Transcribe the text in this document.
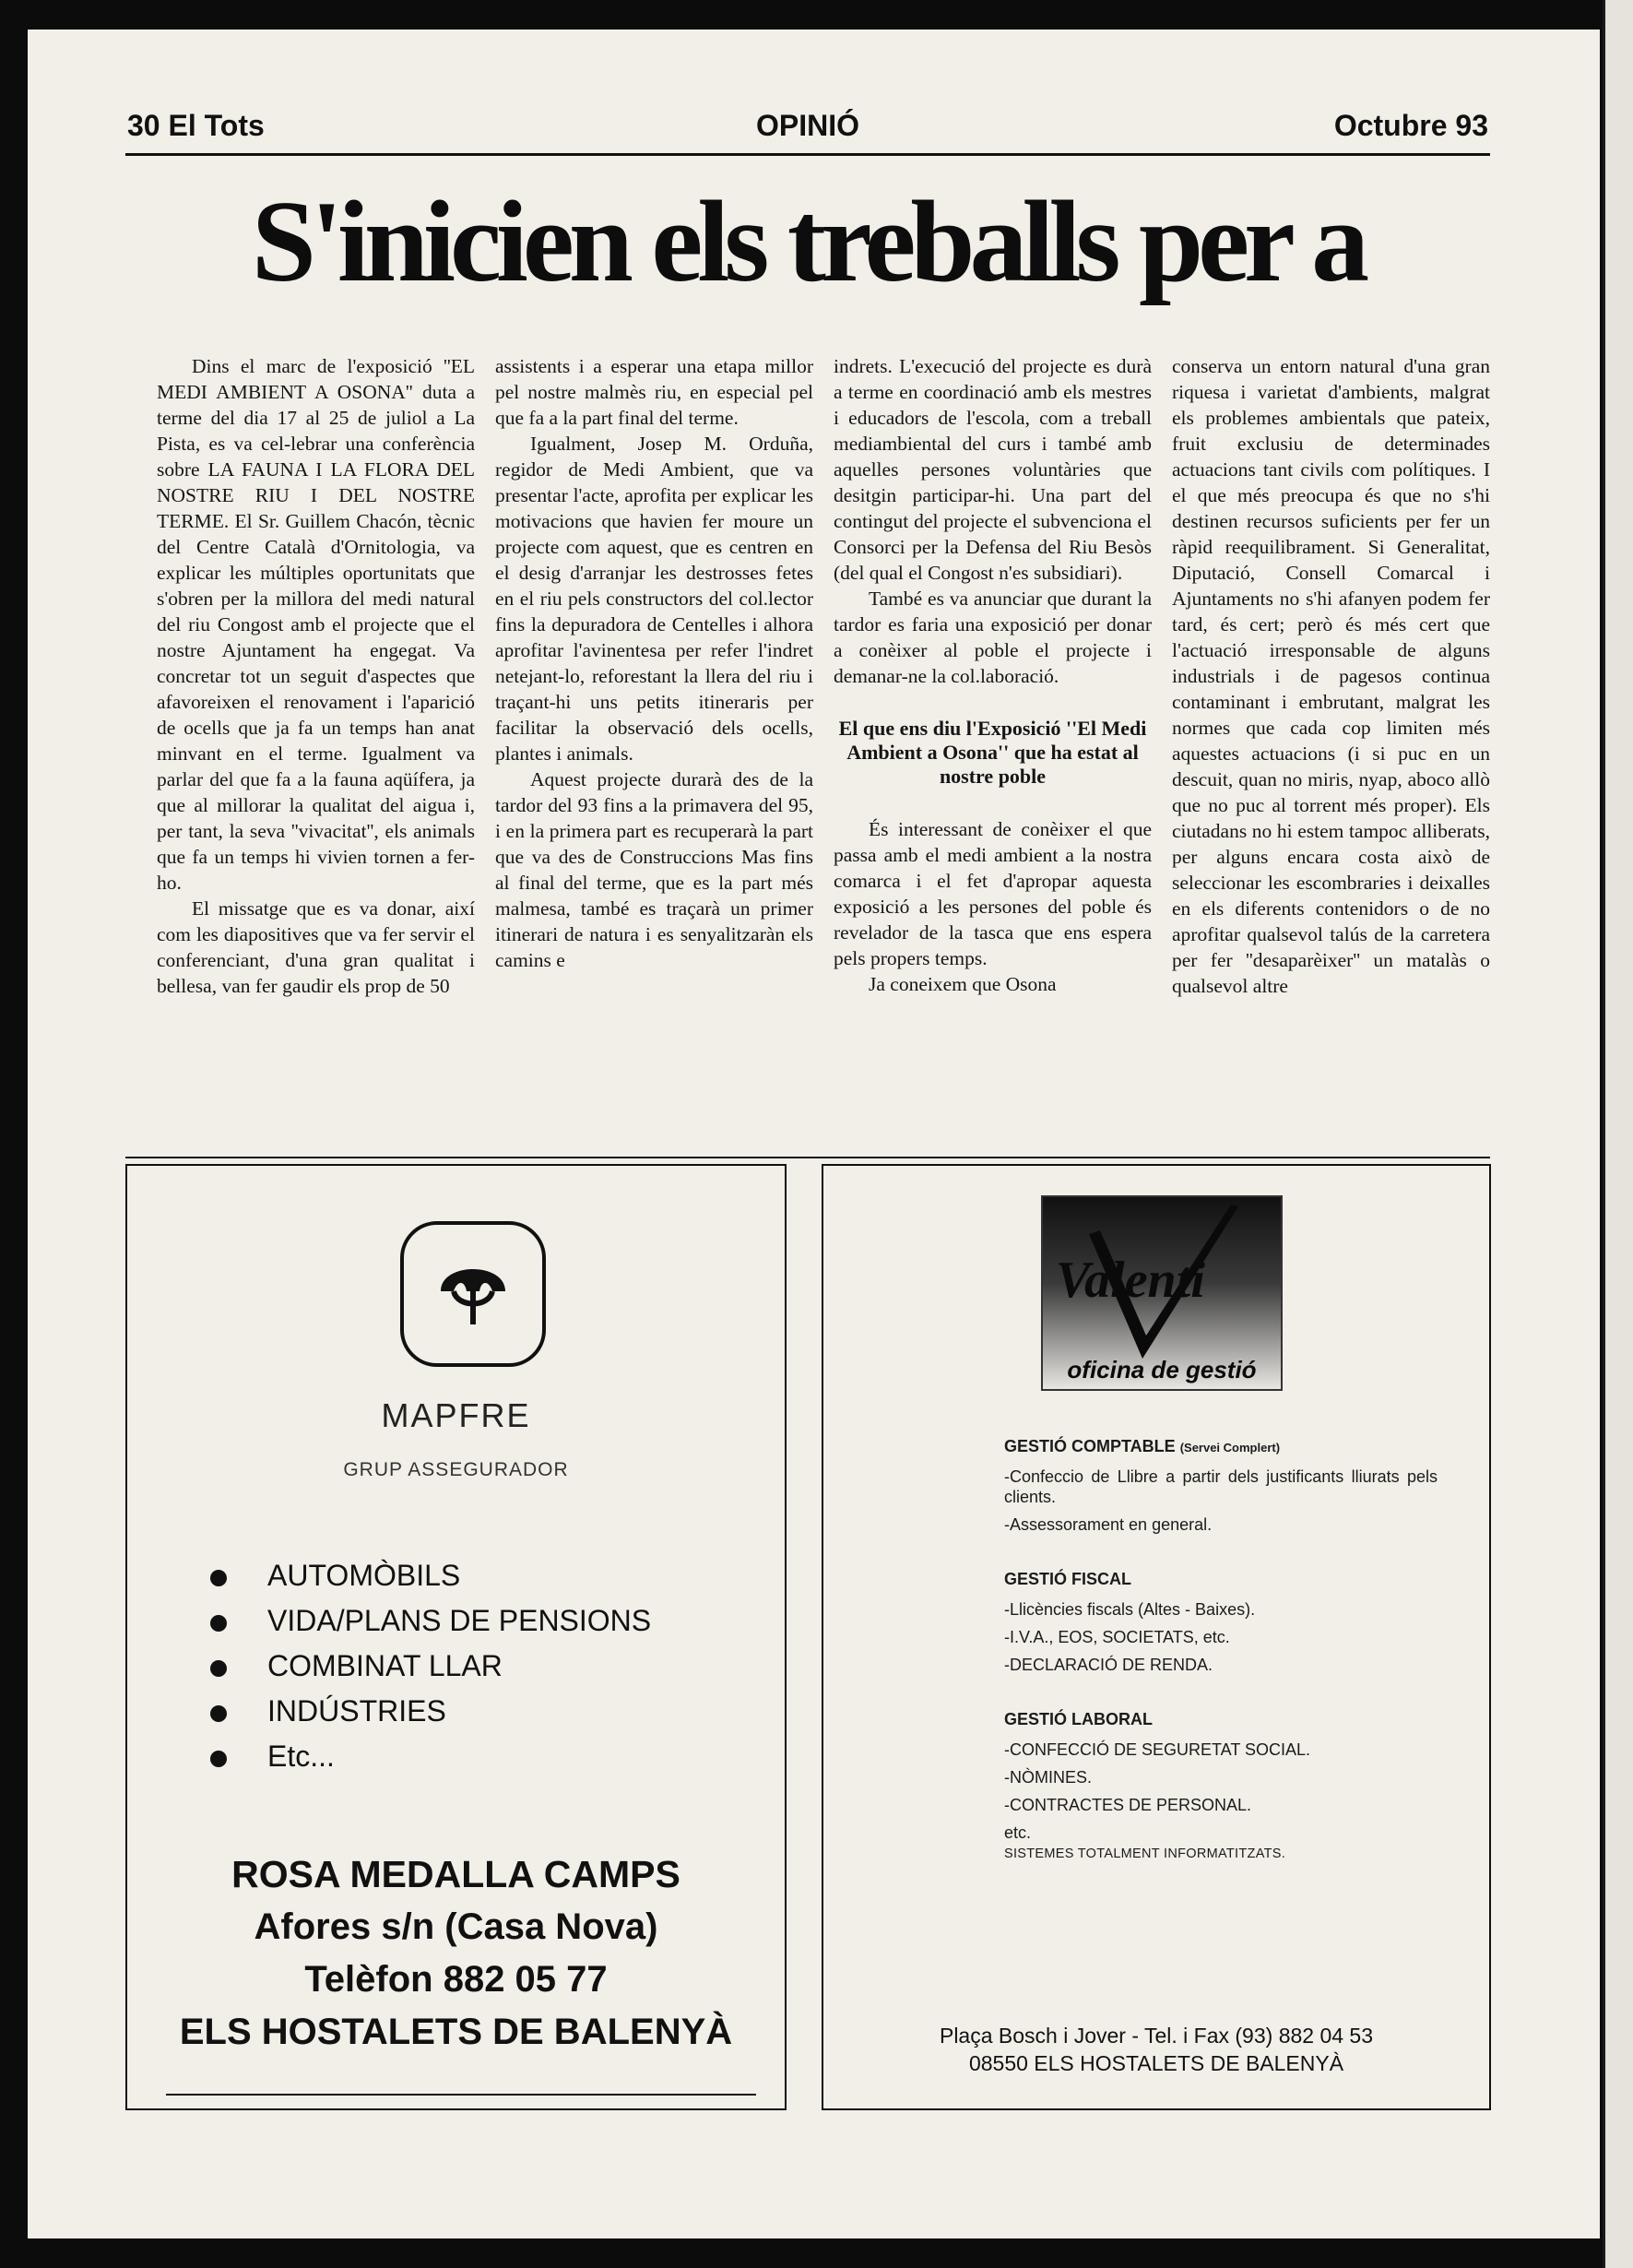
30 El Tots	OPINIÓ	Octubre 93
S'inicien els treballs per a

Dins el marc de l'exposició ''EL MEDI AMBIENT A OSONA'' duta a terme del dia 17 al 25 de juliol a La Pista, es va cel-lebrar una conferència sobre LA FAUNA I LA FLORA DEL NOSTRE RIU I DEL NOSTRE TERME. El Sr. Guillem Chacón, tècnic del Centre Català d'Ornitologia, va explicar les múltiples oportunitats que s'obren per la millora del medi natural del riu Congost amb el projecte que el nostre Ajuntament ha engegat. Va concretar tot un seguit d'aspectes que afavoreixen el renovament i l'aparició de ocells que ja fa un temps han anat minvant en el terme. Igualment va parlar del que fa a la fauna aqüífera, ja que al millorar la qualitat del aigua i, per tant, la seva ''vivacitat'', els animals que fa un temps hi vivien tornen a fer-ho.

El missatge que es va donar, així com les diapositives que va fer servir el conferenciant, d'una gran qualitat i bellesa, van fer gaudir els prop de 50

assistents i a esperar una etapa millor pel nostre malmès riu, en especial pel que fa a la part final del terme.

Igualment, Josep M. Orduña, regidor de Medi Ambient, que va presentar l'acte, aprofita per explicar les motivacions que havien fer moure un projecte com aquest, que es centren en el desig d'arranjar les destrosses fetes en el riu pels constructors del col.lector fins la depuradora de Centelles i alhora aprofitar l'avinentesa per refer l'indret netejant-lo, reforestant la llera del riu i traçant-hi uns petits itineraris per facilitar la observació dels ocells, plantes i animals.

Aquest projecte durarà des de la tardor del 93 fins a la primavera del 95, i en la primera part es recuperarà la part que va des de Construccions Mas fins al final del terme, que es la part més malmesa, també es traçarà un primer itinerari de natura i es senyalitzaràn els camins e

indrets. L'execució del projecte es durà a terme en coordinació amb els mestres i educadors de l'escola, com a treball mediambiental del curs i també amb aquelles persones voluntàries que desitgin participar-hi. Una part del contingut del projecte el subvenciona el Consorci per la Defensa del Riu Besòs (del qual el Congost n'es subsidiari).

També es va anunciar que durant la tardor es faria una exposició per donar a conèixer al poble el projecte i demanar-ne la col.laboració.

El que ens diu l'Exposició ''El Medi Ambient a Osona'' que ha estat al nostre poble

És interessant de conèixer el que passa amb el medi ambient a la nostra comarca i el fet d'apropar aquesta exposició a les persones del poble és revelador de la tasca que ens espera pels propers temps.

Ja coneixem que Osona

conserva un entorn natural d'una gran riquesa i varietat d'ambients, malgrat els problemes ambientals que pateix, fruit exclusiu de determinades actuacions tant civils com polítiques. I el que més preocupa és que no s'hi destinen recursos suficients per fer un ràpid reequilibrament. Si Generalitat, Diputació, Consell Comarcal i Ajuntaments no s'hi afanyen podem fer tard, és cert; però és més cert que l'actuació irresponsable de alguns industrials i de pagesos continua contaminant i embrutant, malgrat les normes que cada cop limiten més aquestes actuacions (i si puc en un descuit, quan no miris, nyap, aboco allò que no puc al torrent més proper). Els ciutadans no hi estem tampoc alliberats, per alguns encara costa això de seleccionar les escombraries i deixalles en els diferents contenidors o de no aprofitar qualsevol talús de la carretera per fer ''desaparèixer'' un matalàs o qualsevol altre

MAPFRE
GRUP ASSEGURADOR
AUTOMÒBILS
VIDA/PLANS DE PENSIONS
COMBINAT LLAR
INDÚSTRIES
Etc...
ROSA MEDALLA CAMPS
Afores s/n (Casa Nova)
Telèfon 882 05 77
ELS HOSTALETS DE BALENYÀ
Valenti
oficina de gestió
GESTIÓ COMPTABLE (Servei Complert)
-Confeccio de Llibre a partir dels justificants lliurats pels clients.
-Assessorament en general.
GESTIÓ FISCAL
-Llicències fiscals (Altes - Baixes).
-I.V.A., EOS, SOCIETATS, etc.
-DECLARACIÓ DE RENDA.
GESTIÓ LABORAL
-CONFECCIÓ DE SEGURETAT SOCIAL.
-NÒMINES.
-CONTRACTES DE PERSONAL.
etc.
SISTEMES TOTALMENT INFORMATITZATS.
Plaça Bosch i Jover - Tel. i Fax (93) 882 04 53
08550 ELS HOSTALETS DE BALENYÀ
